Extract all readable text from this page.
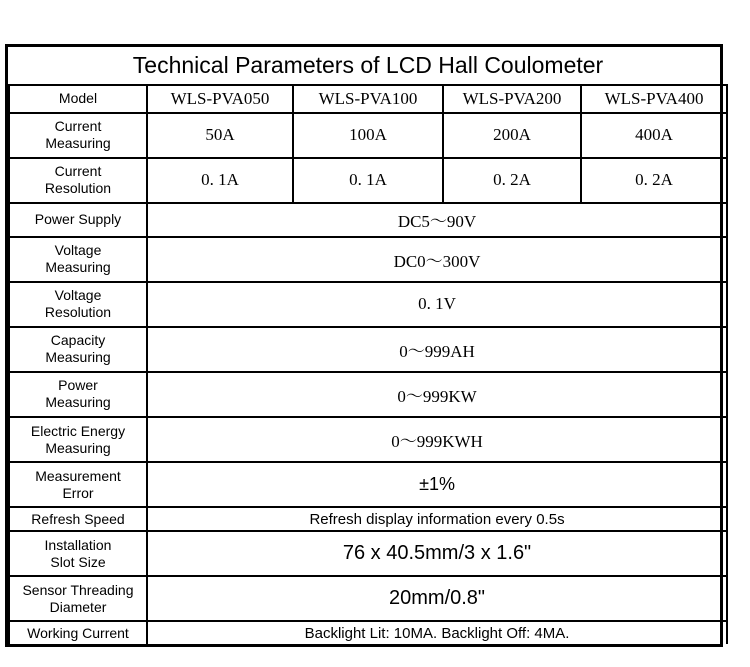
Technical Parameters of LCD Hall Coulometer				
Model	WLS-PVA050	WLS-PVA100	WLS-PVA200	WLS-PVA400

Current
Measuring	50A	100A	200A	400A

Current
Resolution	0. 1A	0. 1A	0. 2A	0. 2A
Power Supply	DC5～90V			

Voltage
Measuring	DC0～300V			

Voltage
Resolution	0. 1V			

Capacity
Measuring	0～999AH			

Power
Measuring	0～999KW			

Electric Energy
Measuring	0～999KWH			

Measurement
Error	±1%			
Refresh Speed	Refresh display information every 0.5s			

Installation
Slot Size	76 x 40.5mm/3 x 1.6"			

Sensor Threading
Diameter	20mm/0.8"			
Working Current	Backlight Lit: 10MA. Backlight Off: 4MA.			
